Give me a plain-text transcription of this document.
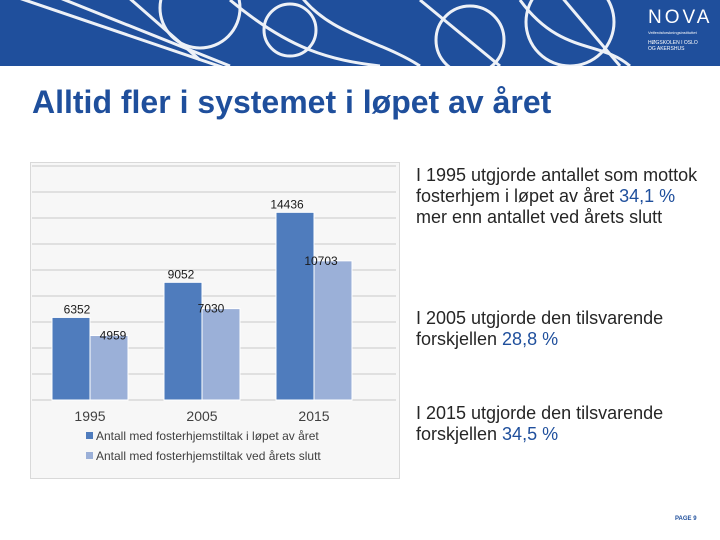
NOVA
Velferdsforskningsinstituttet
HØGSKOLEN I OSLO
OG AKERSHUS
Alltid fler i systemet i løpet av året
1995	2005	2015
6352
9052
14436
4959
7030
10703
Antall med fosterhjemstiltak i løpet av året
Antall med fosterhjemstiltak ved årets slutt

I 1995 utgjorde antallet som mottok fosterhjem i løpet av året 34,1 % mer enn antallet ved årets slutt

I 2005 utgjorde den tilsvarende forskjellen 28,8 %

I 2015 utgjorde den tilsvarende forskjellen 34,5 %

PAGE 9
